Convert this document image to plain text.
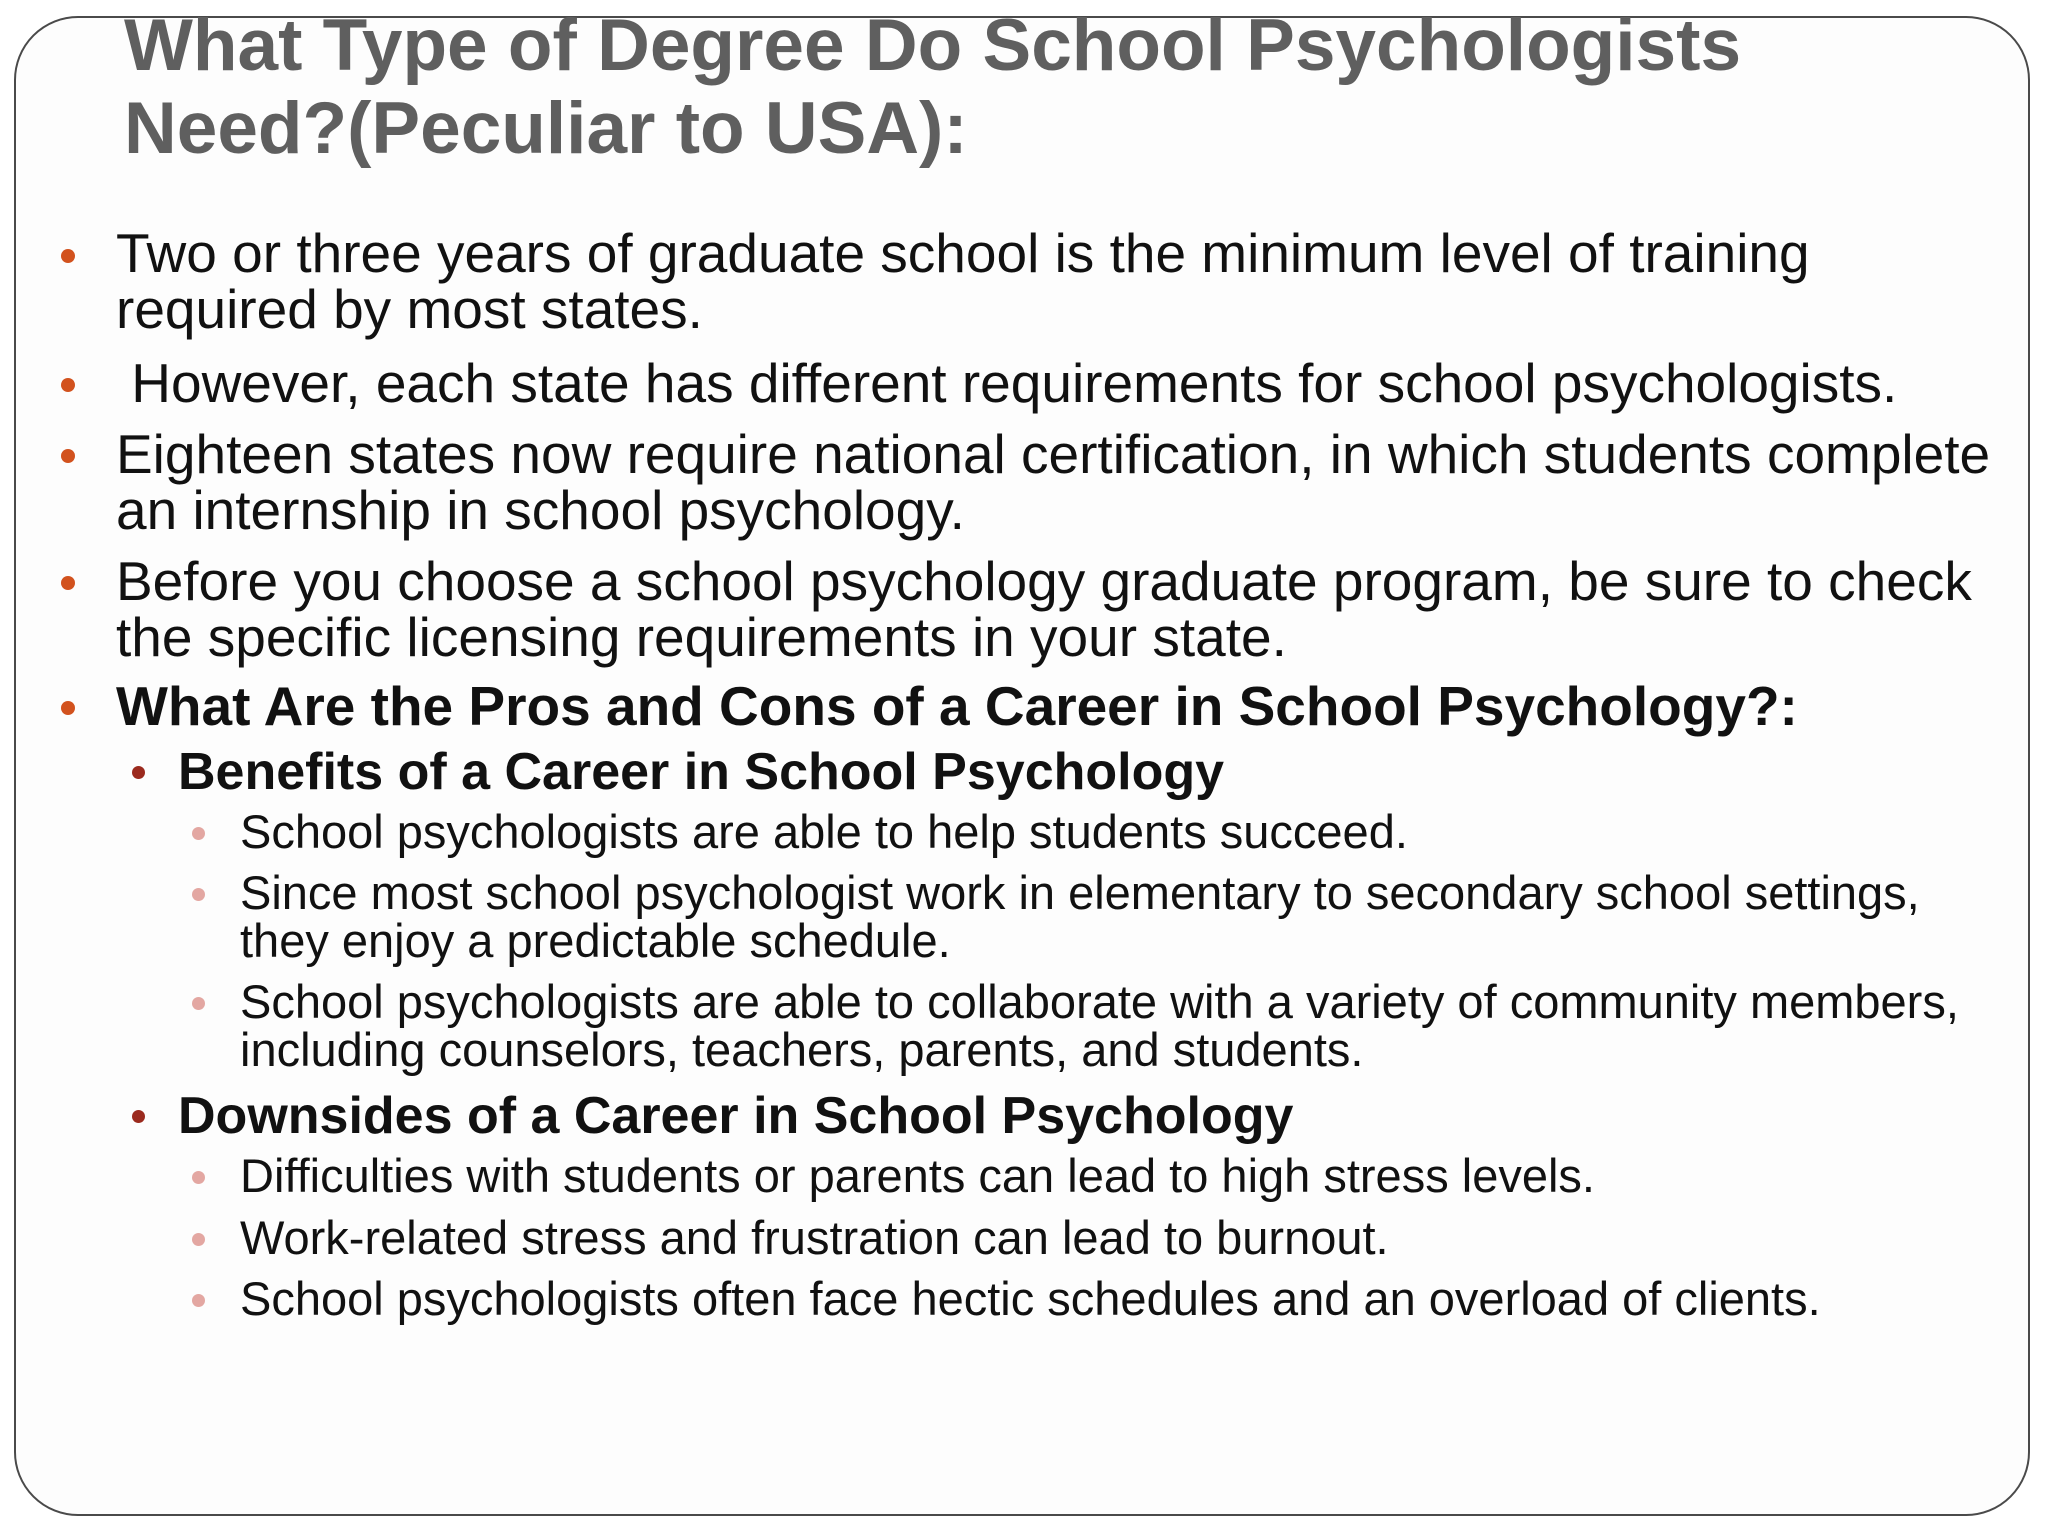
What Type of Degree Do School Psychologists
Need?(Peculiar to USA):
Two or three years of graduate school is the minimum level of training required by most states.
However, each state has different requirements for school psychologists.
Eighteen states now require national certification, in which students complete an internship in school psychology.
Before you choose a school psychology graduate program, be sure to check the specific licensing requirements in your state.
What Are the Pros and Cons of a Career in School Psychology?:
Benefits of a Career in School Psychology
School psychologists are able to help students succeed.
Since most school psychologist work in elementary to secondary school settings, they enjoy a predictable schedule.
School psychologists are able to collaborate with a variety of community members, including counselors, teachers, parents, and students.
Downsides of a Career in School Psychology
Difficulties with students or parents can lead to high stress levels.
Work-related stress and frustration can lead to burnout.
School psychologists often face hectic schedules and an overload of clients.
